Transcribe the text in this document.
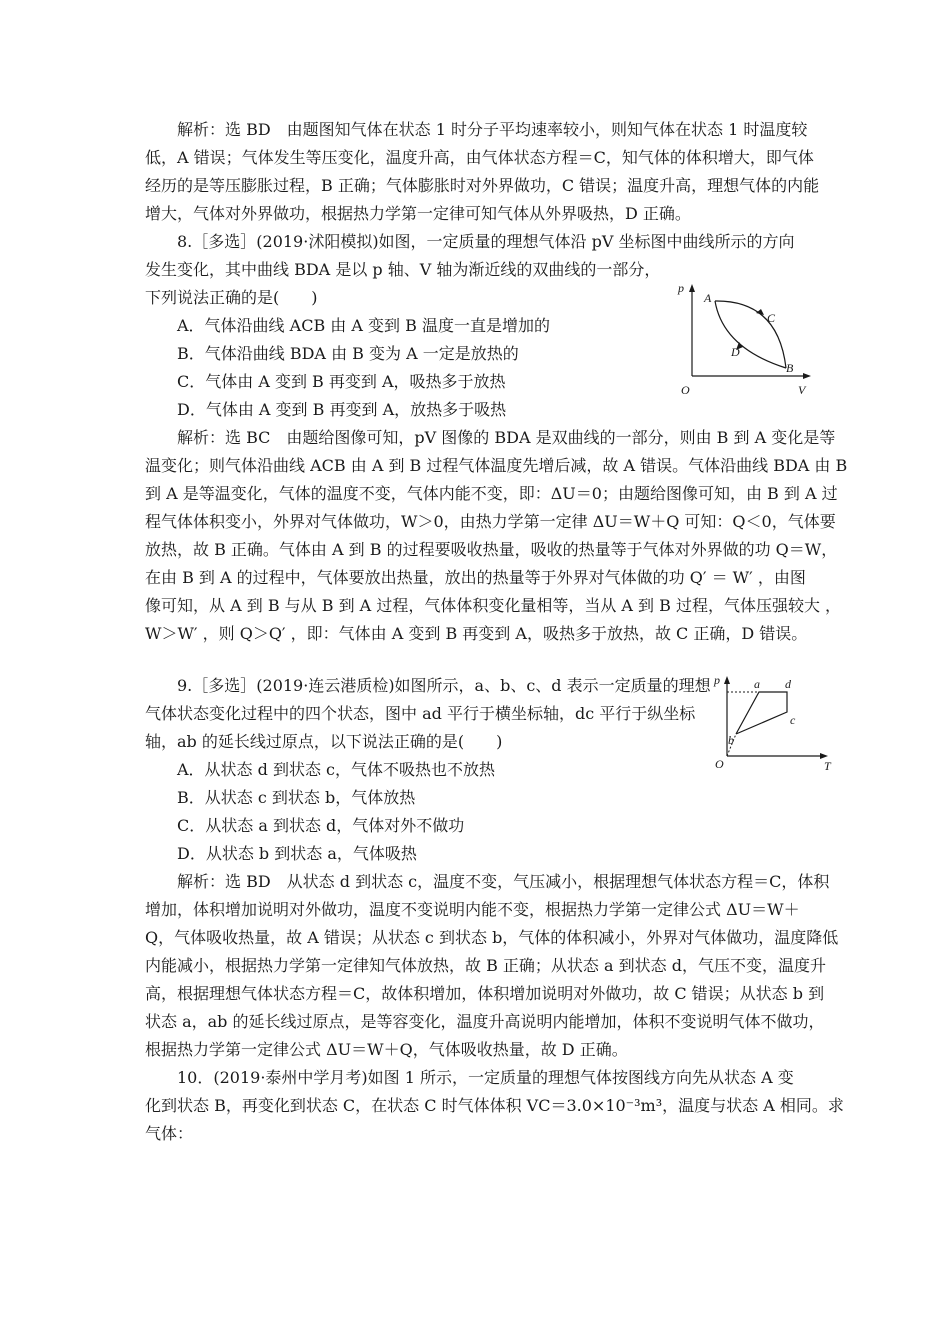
解析：选 BD　由题图知气体在状态 1 时分子平均速率较小，则知气体在状态 1 时温度较
低，A 错误；气体发生等压变化，温度升高，由气体状态方程＝C，知气体的体积增大，即气体
经历的是等压膨胀过程，B 正确；气体膨胀时对外界做功，C 错误；温度升高，理想气体的内能
增大，气体对外界做功，根据热力学第一定律可知气体从外界吸热，D 正确。
8.［多选］(2019·沭阳模拟)如图，一定质量的理想气体沿 pV 坐标图中曲线所示的方向
发生变化，其中曲线 BDA 是以 p 轴、V 轴为渐近线的双曲线的一部分，
下列说法正确的是(　　)
A．气体沿曲线 ACB 由 A 变到 B 温度一直是增加的
B．气体沿曲线 BDA 由 B 变为 A 一定是放热的
C．气体由 A 变到 B 再变到 A，吸热多于放热
D．气体由 A 变到 B 再变到 A，放热多于吸热
p
V
O
A
B
C
D
解析：选 BC　由题给图像可知，pV 图像的 BDA 是双曲线的一部分，则由 B 到 A 变化是等
温变化；则气体沿曲线 ACB 由 A 到 B 过程气体温度先增后减，故 A 错误。气体沿曲线 BDA 由 B
到 A 是等温变化，气体的温度不变，气体内能不变，即：ΔU＝0；由题给图像可知，由 B 到 A 过
程气体体积变小，外界对气体做功，W＞0，由热力学第一定律 ΔU＝W＋Q 可知：Q＜0，气体要
放热，故 B 正确。气体由 A 到 B 的过程要吸收热量，吸收的热量等于气体对外界做的功 Q＝W，
在由 B 到 A 的过程中，气体要放出热量，放出的热量等于外界对气体做的功 Q′ ＝ W′ ，由图
像可知，从 A 到 B 与从 B 到 A 过程，气体体积变化量相等，当从 A 到 B 过程，气体压强较大 ，
W＞W′ ，则 Q＞Q′ ，即：气体由 A 变到 B 再变到 A，吸热多于放热，故 C 正确，D 错误。
9.［多选］(2019·连云港质检)如图所示，a、b、c、d 表示一定质量的理想
气体状态变化过程中的四个状态，图中 ad 平行于横坐标轴，dc 平行于纵坐标
轴，ab 的延长线过原点，以下说法正确的是(　　)
A．从状态 d 到状态 c，气体不吸热也不放热
B．从状态 c 到状态 b，气体放热
C．从状态 a 到状态 d，气体对外不做功
D．从状态 b 到状态 a，气体吸热
p
T
O
a
b
c
d
解析：选 BD　从状态 d 到状态 c，温度不变，气压减小，根据理想气体状态方程＝C，体积
增加，体积增加说明对外做功，温度不变说明内能不变，根据热力学第一定律公式 ΔU＝W＋
Q，气体吸收热量，故 A 错误；从状态 c 到状态 b，气体的体积减小，外界对气体做功，温度降低
内能减小，根据热力学第一定律知气体放热，故 B 正确；从状态 a 到状态 d，气压不变，温度升
高，根据理想气体状态方程＝C，故体积增加，体积增加说明对外做功，故 C 错误；从状态 b 到
状态 a，ab 的延长线过原点，是等容变化，温度升高说明内能增加，体积不变说明气体不做功，
根据热力学第一定律公式 ΔU＝W＋Q，气体吸收热量，故 D 正确。
10．(2019·泰州中学月考)如图 1 所示，一定质量的理想气体按图线方向先从状态 A 变
化到状态 B，再变化到状态 C，在状态 C 时气体体积 VC＝3.0×10⁻³m³，温度与状态 A 相同。求
气体：
